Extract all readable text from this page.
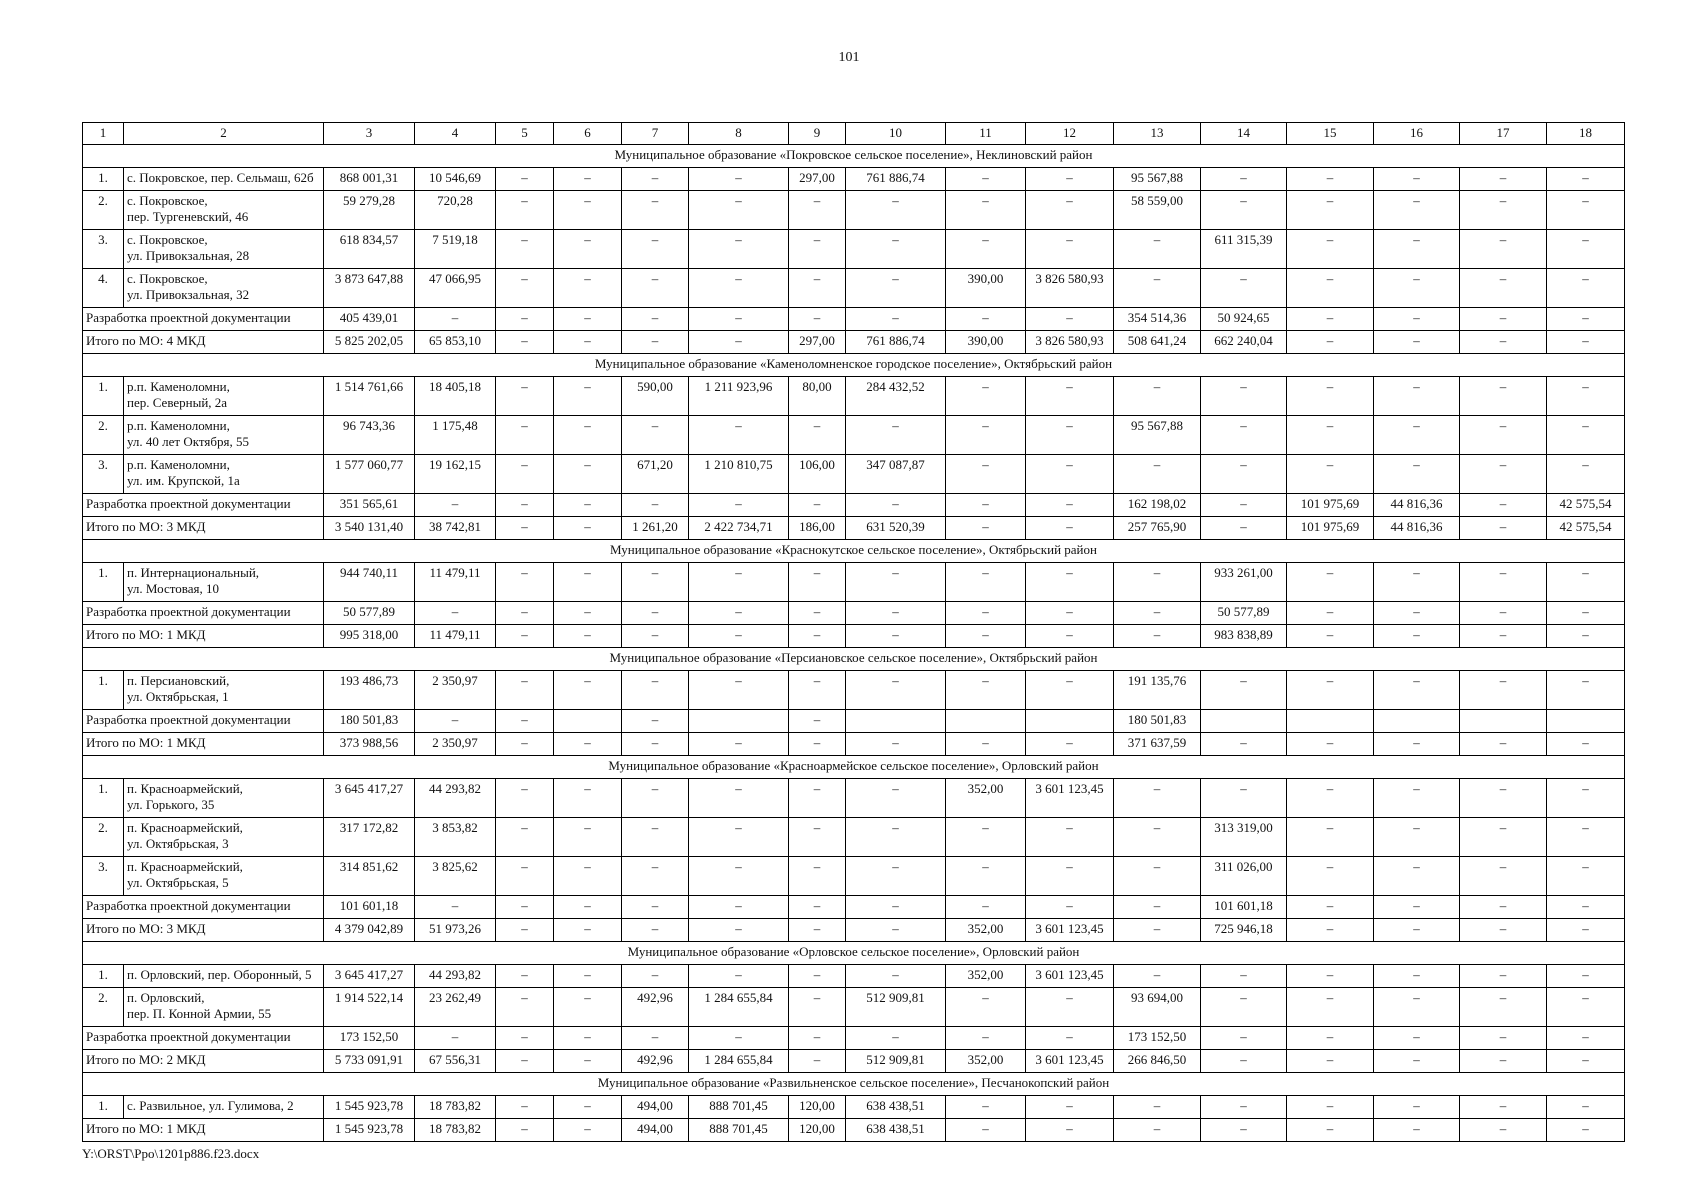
101
1	2	3	4	5	6	7	8	9	10	11	12	13	14	15	16	17	18
Муниципальное образование «Покровское сельское поселение», Неклиновский район																	
1.	с. Покровское, пер. Сельмаш, 62б	868 001,31	10 546,69	–	–	–	–	297,00	761 886,74	–	–	95 567,88	–	–	–	–	–
2.	с. Покровское,
пер. Тургеневский, 46	59 279,28	720,28	–	–	–	–	–	–	–	–	58 559,00	–	–	–	–	–
3.	с. Покровское,
ул. Привокзальная, 28	618 834,57	7 519,18	–	–	–	–	–	–	–	–	–	611 315,39	–	–	–	–
4.	с. Покровское,
ул. Привокзальная, 32	3 873 647,88	47 066,95	–	–	–	–	–	–	390,00	3 826 580,93	–	–	–	–	–	–
Разработка проектной документации		405 439,01	–	–	–	–	–	–	–	–	–	354 514,36	50 924,65	–	–	–	–
Итого по МО: 4 МКД		5 825 202,05	65 853,10	–	–	–	–	297,00	761 886,74	390,00	3 826 580,93	508 641,24	662 240,04	–	–	–	–
Муниципальное образование «Каменоломненское городское поселение», Октябрьский район																	
1.	р.п. Каменоломни,
пер. Северный, 2а	1 514 761,66	18 405,18	–	–	590,00	1 211 923,96	80,00	284 432,52	–	–	–	–	–	–	–	–
2.	р.п. Каменоломни,
ул. 40 лет Октября, 55	96 743,36	1 175,48	–	–	–	–	–	–	–	–	95 567,88	–	–	–	–	–
3.	р.п. Каменоломни,
ул. им. Крупской, 1а	1 577 060,77	19 162,15	–	–	671,20	1 210 810,75	106,00	347 087,87	–	–	–	–	–	–	–	–
Разработка проектной документации		351 565,61	–	–	–	–	–	–	–	–	–	162 198,02	–	101 975,69	44 816,36	–	42 575,54
Итого по МО: 3 МКД		3 540 131,40	38 742,81	–	–	1 261,20	2 422 734,71	186,00	631 520,39	–	–	257 765,90	–	101 975,69	44 816,36	–	42 575,54
Муниципальное образование «Краснокутское сельское поселение», Октябрьский район																	
1.	п. Интернациональный,
ул. Мостовая, 10	944 740,11	11 479,11	–	–	–	–	–	–	–	–	–	933 261,00	–	–	–	–
Разработка проектной документации		50 577,89	–	–	–	–	–	–	–	–	–	–	50 577,89	–	–	–	–
Итого по МО: 1 МКД		995 318,00	11 479,11	–	–	–	–	–	–	–	–	–	983 838,89	–	–	–	–
Муниципальное образование «Персиановское сельское поселение», Октябрьский район																	
1.	п. Персиановский,
ул. Октябрьская, 1	193 486,73	2 350,97	–	–	–	–	–	–	–	–	191 135,76	–	–	–	–	–
Разработка проектной документации		180 501,83	–	–		–		–				180 501,83					
Итого по МО: 1 МКД		373 988,56	2 350,97	–	–	–	–	–	–	–	–	371 637,59	–	–	–	–	–
Муниципальное образование «Красноармейское сельское поселение», Орловский район																	
1.	п. Красноармейский,
ул. Горького, 35	3 645 417,27	44 293,82	–	–	–	–	–	–	352,00	3 601 123,45	–	–	–	–	–	–
2.	п. Красноармейский,
ул. Октябрьская, 3	317 172,82	3 853,82	–	–	–	–	–	–	–	–	–	313 319,00	–	–	–	–
3.	п. Красноармейский,
ул. Октябрьская, 5	314 851,62	3 825,62	–	–	–	–	–	–	–	–	–	311 026,00	–	–	–	–
Разработка проектной документации		101 601,18	–	–	–	–	–	–	–	–	–	–	101 601,18	–	–	–	–
Итого по МО: 3 МКД		4 379 042,89	51 973,26	–	–	–	–	–	–	352,00	3 601 123,45	–	725 946,18	–	–	–	–
Муниципальное образование «Орловское сельское поселение», Орловский район																	
1.	п. Орловский, пер. Оборонный, 5	3 645 417,27	44 293,82	–	–	–	–	–	–	352,00	3 601 123,45	–	–	–	–	–	–
2.	п. Орловский,
пер. П. Конной Армии, 55	1 914 522,14	23 262,49	–	–	492,96	1 284 655,84	–	512 909,81	–	–	93 694,00	–	–	–	–	–
Разработка проектной документации		173 152,50	–	–	–	–	–	–	–	–	–	173 152,50	–	–	–	–	–
Итого по МО: 2 МКД		5 733 091,91	67 556,31	–	–	492,96	1 284 655,84	–	512 909,81	352,00	3 601 123,45	266 846,50	–	–	–	–	–
Муниципальное образование «Развильненское сельское поселение», Песчанокопский район																	
1.	с. Развильное, ул. Гулимова, 2	1 545 923,78	18 783,82	–	–	494,00	888 701,45	120,00	638 438,51	–	–	–	–	–	–	–	–
Итого по МО: 1 МКД		1 545 923,78	18 783,82	–	–	494,00	888 701,45	120,00	638 438,51	–	–	–	–	–	–	–	–
Y:\ORST\Ppo\1201p886.f23.docx
